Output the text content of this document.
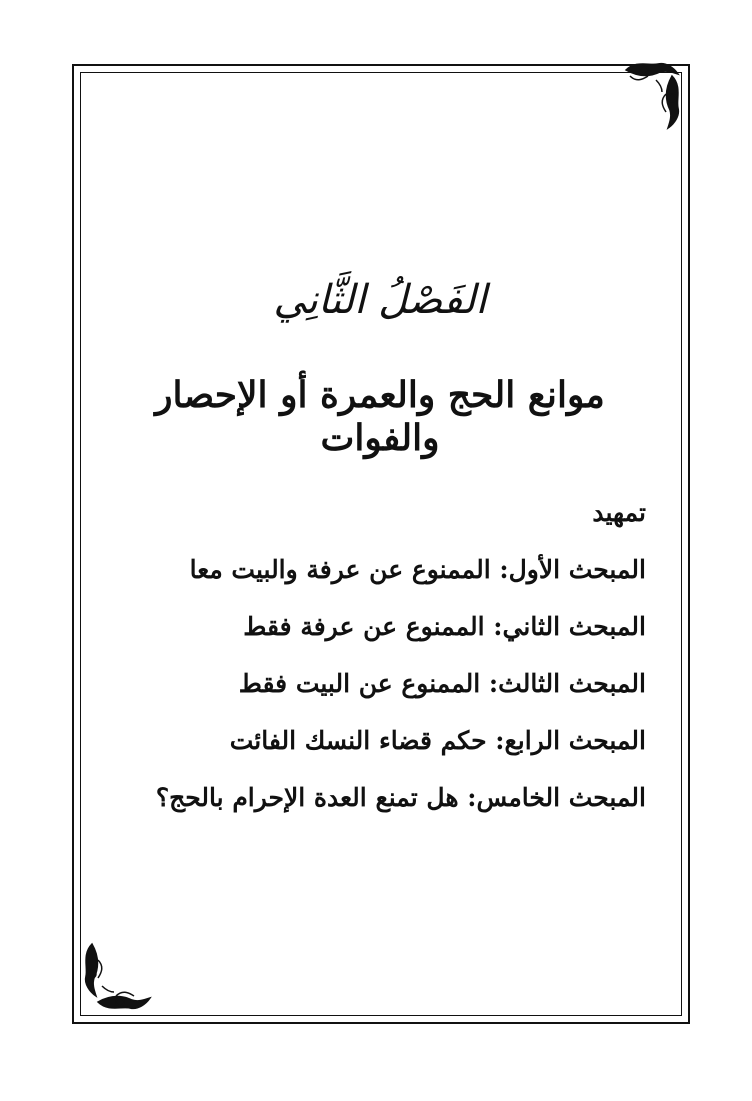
الفَصْلُ الثَّانِي
موانع الحج والعمرة أو الإحصار والفوات
تمهيد
المبحث الأول: الممنوع عن عرفة والبيت معا
المبحث الثاني: الممنوع عن عرفة فقط
المبحث الثالث: الممنوع عن البيت فقط
المبحث الرابع: حكم قضاء النسك الفائت
المبحث الخامس: هل تمنع العدة الإحرام بالحج؟
